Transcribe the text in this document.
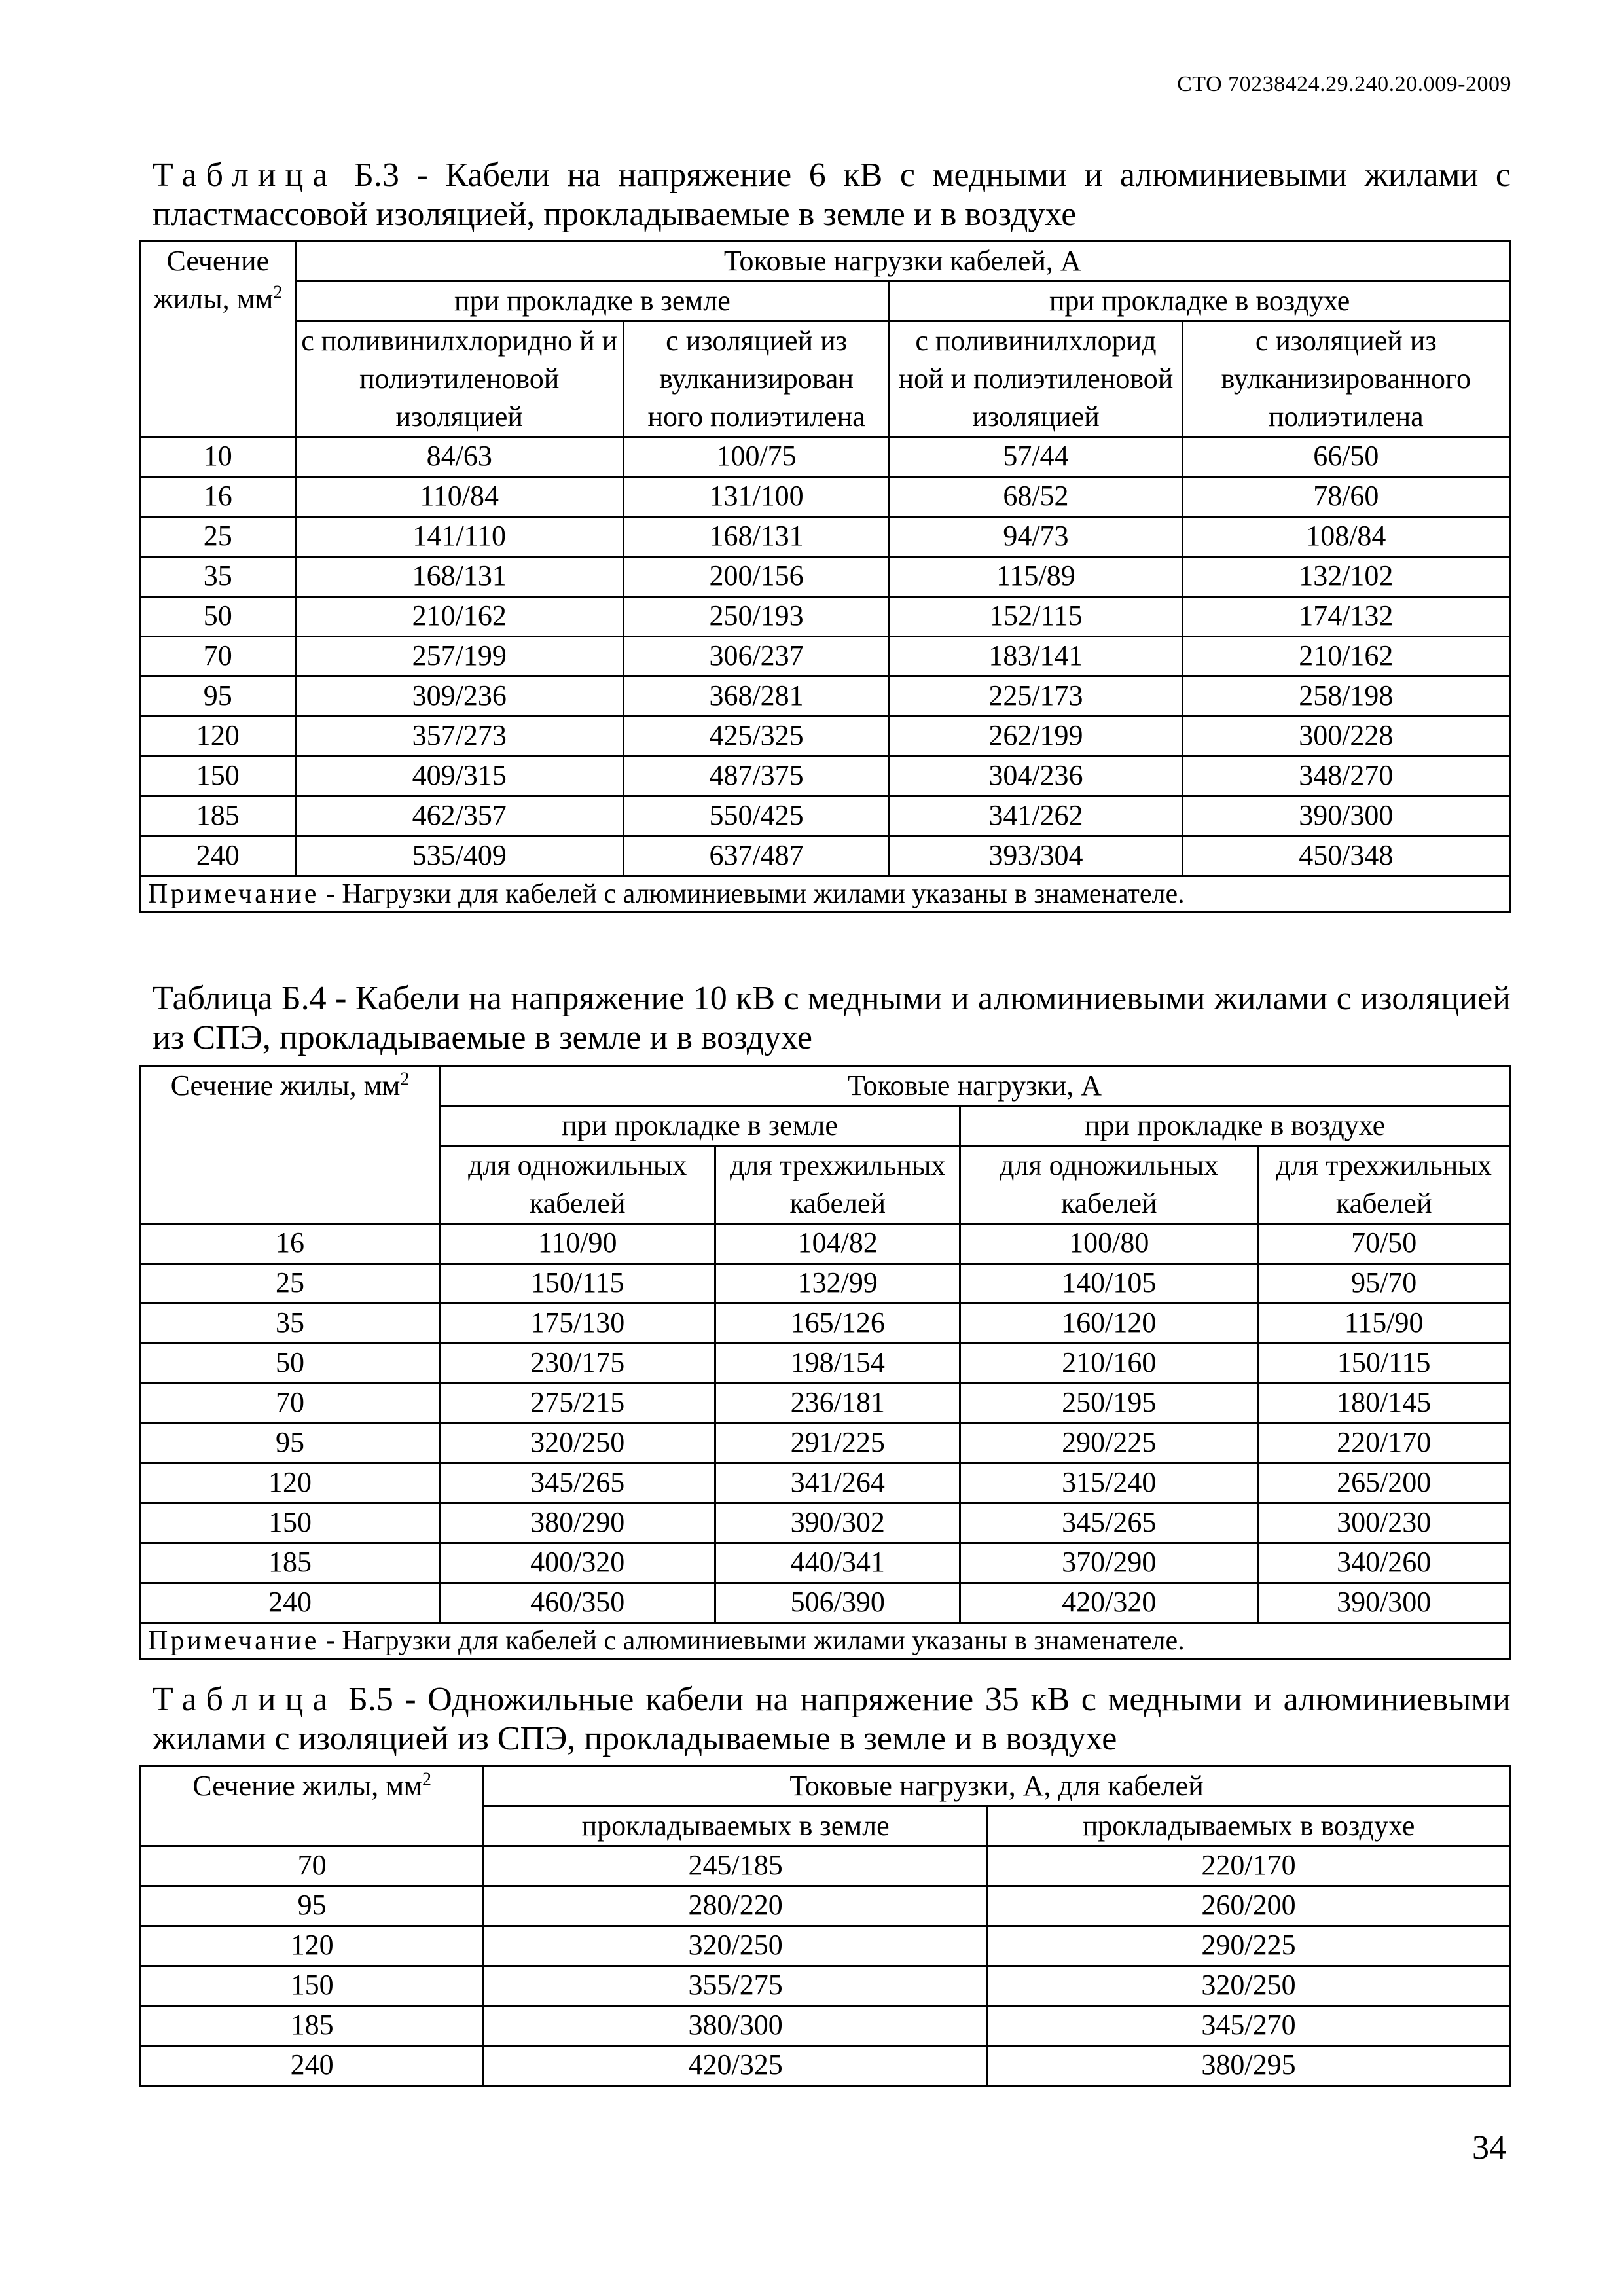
СТО 70238424.29.240.20.009-2009
Таблица Б.3 - Кабели на напряжение 6 кВ с медными и алюминиевыми жилами с пластмассовой изоляцией, прокладываемые в земле и в воздухе
Сечение жилы, $мм^2$	Токовые нагрузки кабелей, А			
	при прокладке в земле		при прокладке в воздухе	
	с поливинилхлоридно й и полиэтиленовой изоляцией	с изоляцией из вулканизирован ного полиэтилена	с поливинилхлорид ной и полиэтиленовой изоляцией	с изоляцией из вулканизированного полиэтилена
10	84/63	100/75	57/44	66/50
16	110/84	131/100	68/52	78/60
25	141/110	168/131	94/73	108/84
35	168/131	200/156	115/89	132/102
50	210/162	250/193	152/115	174/132
70	257/199	306/237	183/141	210/162
95	309/236	368/281	225/173	258/198
120	357/273	425/325	262/199	300/228
150	409/315	487/375	304/236	348/270
185	462/357	550/425	341/262	390/300
240	535/409	637/487	393/304	450/348
Примечание - Нагрузки для кабелей с алюминиевыми жилами указаны в знаменателе.				
Таблица Б.4 - Кабели на напряжение 10 кВ с медными и алюминиевыми жилами с изоляцией из СПЭ, прокладываемые в земле и в воздухе
Сечение жилы, $мм^2$	Токовые нагрузки, А			
	при прокладке в земле		при прокладке в воздухе	
	для одножильных кабелей	для трехжильных кабелей	для одножильных кабелей	для трехжильных кабелей
16	110/90	104/82	100/80	70/50
25	150/115	132/99	140/105	95/70
35	175/130	165/126	160/120	115/90
50	230/175	198/154	210/160	150/115
70	275/215	236/181	250/195	180/145
95	320/250	291/225	290/225	220/170
120	345/265	341/264	315/240	265/200
150	380/290	390/302	345/265	300/230
185	400/320	440/341	370/290	340/260
240	460/350	506/390	420/320	390/300
Примечание - Нагрузки для кабелей с алюминиевыми жилами указаны в знаменателе.				
Таблица Б.5 - Одножильные кабели на напряжение 35 кВ с медными и алюминиевыми жилами с изоляцией из СПЭ, прокладываемые в земле и в воздухе
Сечение жилы, $мм^2$	Токовые нагрузки, А, для кабелей	
	прокладываемых в земле	прокладываемых в воздухе
70	245/185	220/170
95	280/220	260/200
120	320/250	290/225
150	355/275	320/250
185	380/300	345/270
240	420/325	380/295
34
